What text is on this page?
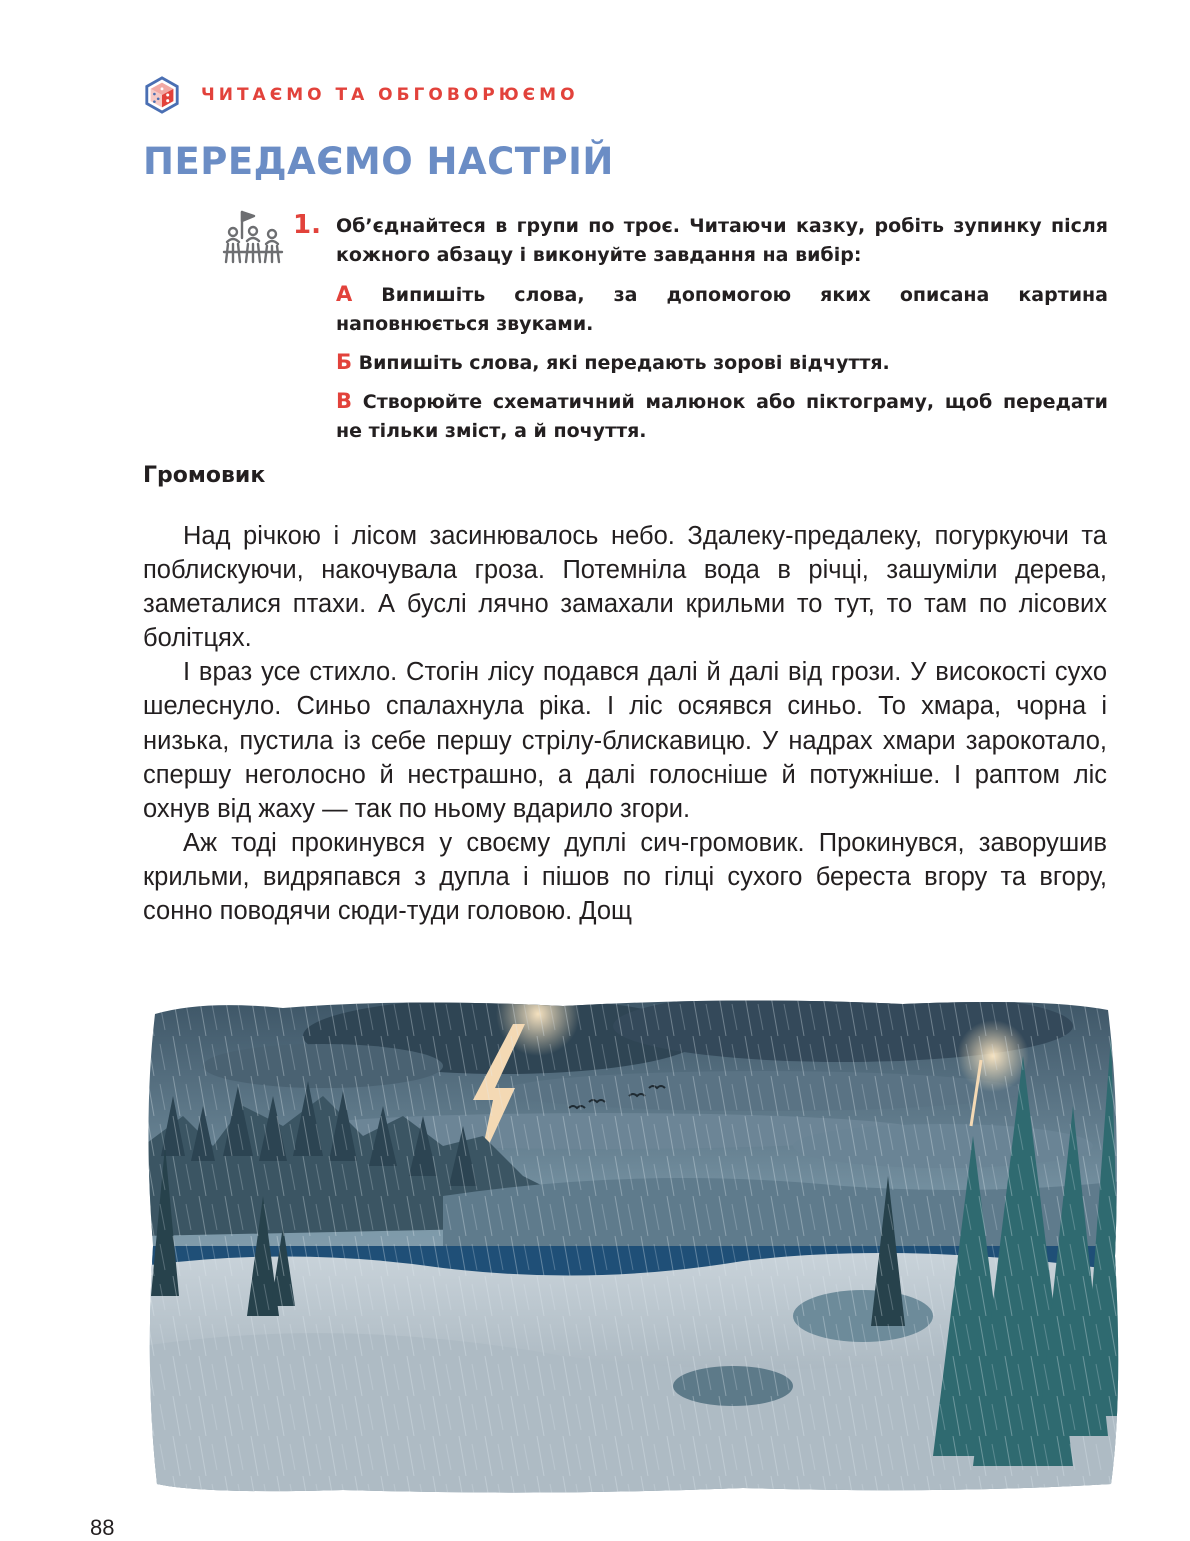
ЧИТАЄМО ТА ОБГОВОРЮЄМО
ПЕРЕДАЄМО НАСТРІЙ
1. Об’єднайтеся в групи по троє. Читаючи казку, робіть зупинку після кожного абзацу і виконуйте завдання на вибір:

А Випишіть слова, за допомогою яких описана картина наповнюється звуками.

Б Випишіть слова, які передають зорові відчуття.

В Створюйте схематичний малюнок або піктограму, щоб передати не тільки зміст, а й почуття.

Громовик

Над річкою і лісом засинювалось небо. Здалеку-предалеку, погуркуючи та поблискуючи, накочувала гроза. Потемніла вода в річці, зашуміли дерева, заметалися птахи. А буслі лячно замахали крильми то тут, то там по лісових болітцях.

І враз усе стихло. Стогін лісу подався далі й далі від грози. У високості сухо шелеснуло. Синьо спалахнула ріка. І ліс осяявся синьо. То хмара, чорна і низька, пустила із себе першу стрілу-блискавицю. У надрах хмари зарокотало, спершу неголосно й нестрашно, а далі голосніше й потужніше. І раптом ліс охнув від жаху — так по ньому вдарило згори.

Аж тоді прокинувся у своєму дуплі сич-громовик. Прокинувся, заворушив крильми, видряпався з дупла і пішов по гілці сухого береста вгору та вгору, сонно поводячи сюди-туди головою. Дощ

88
